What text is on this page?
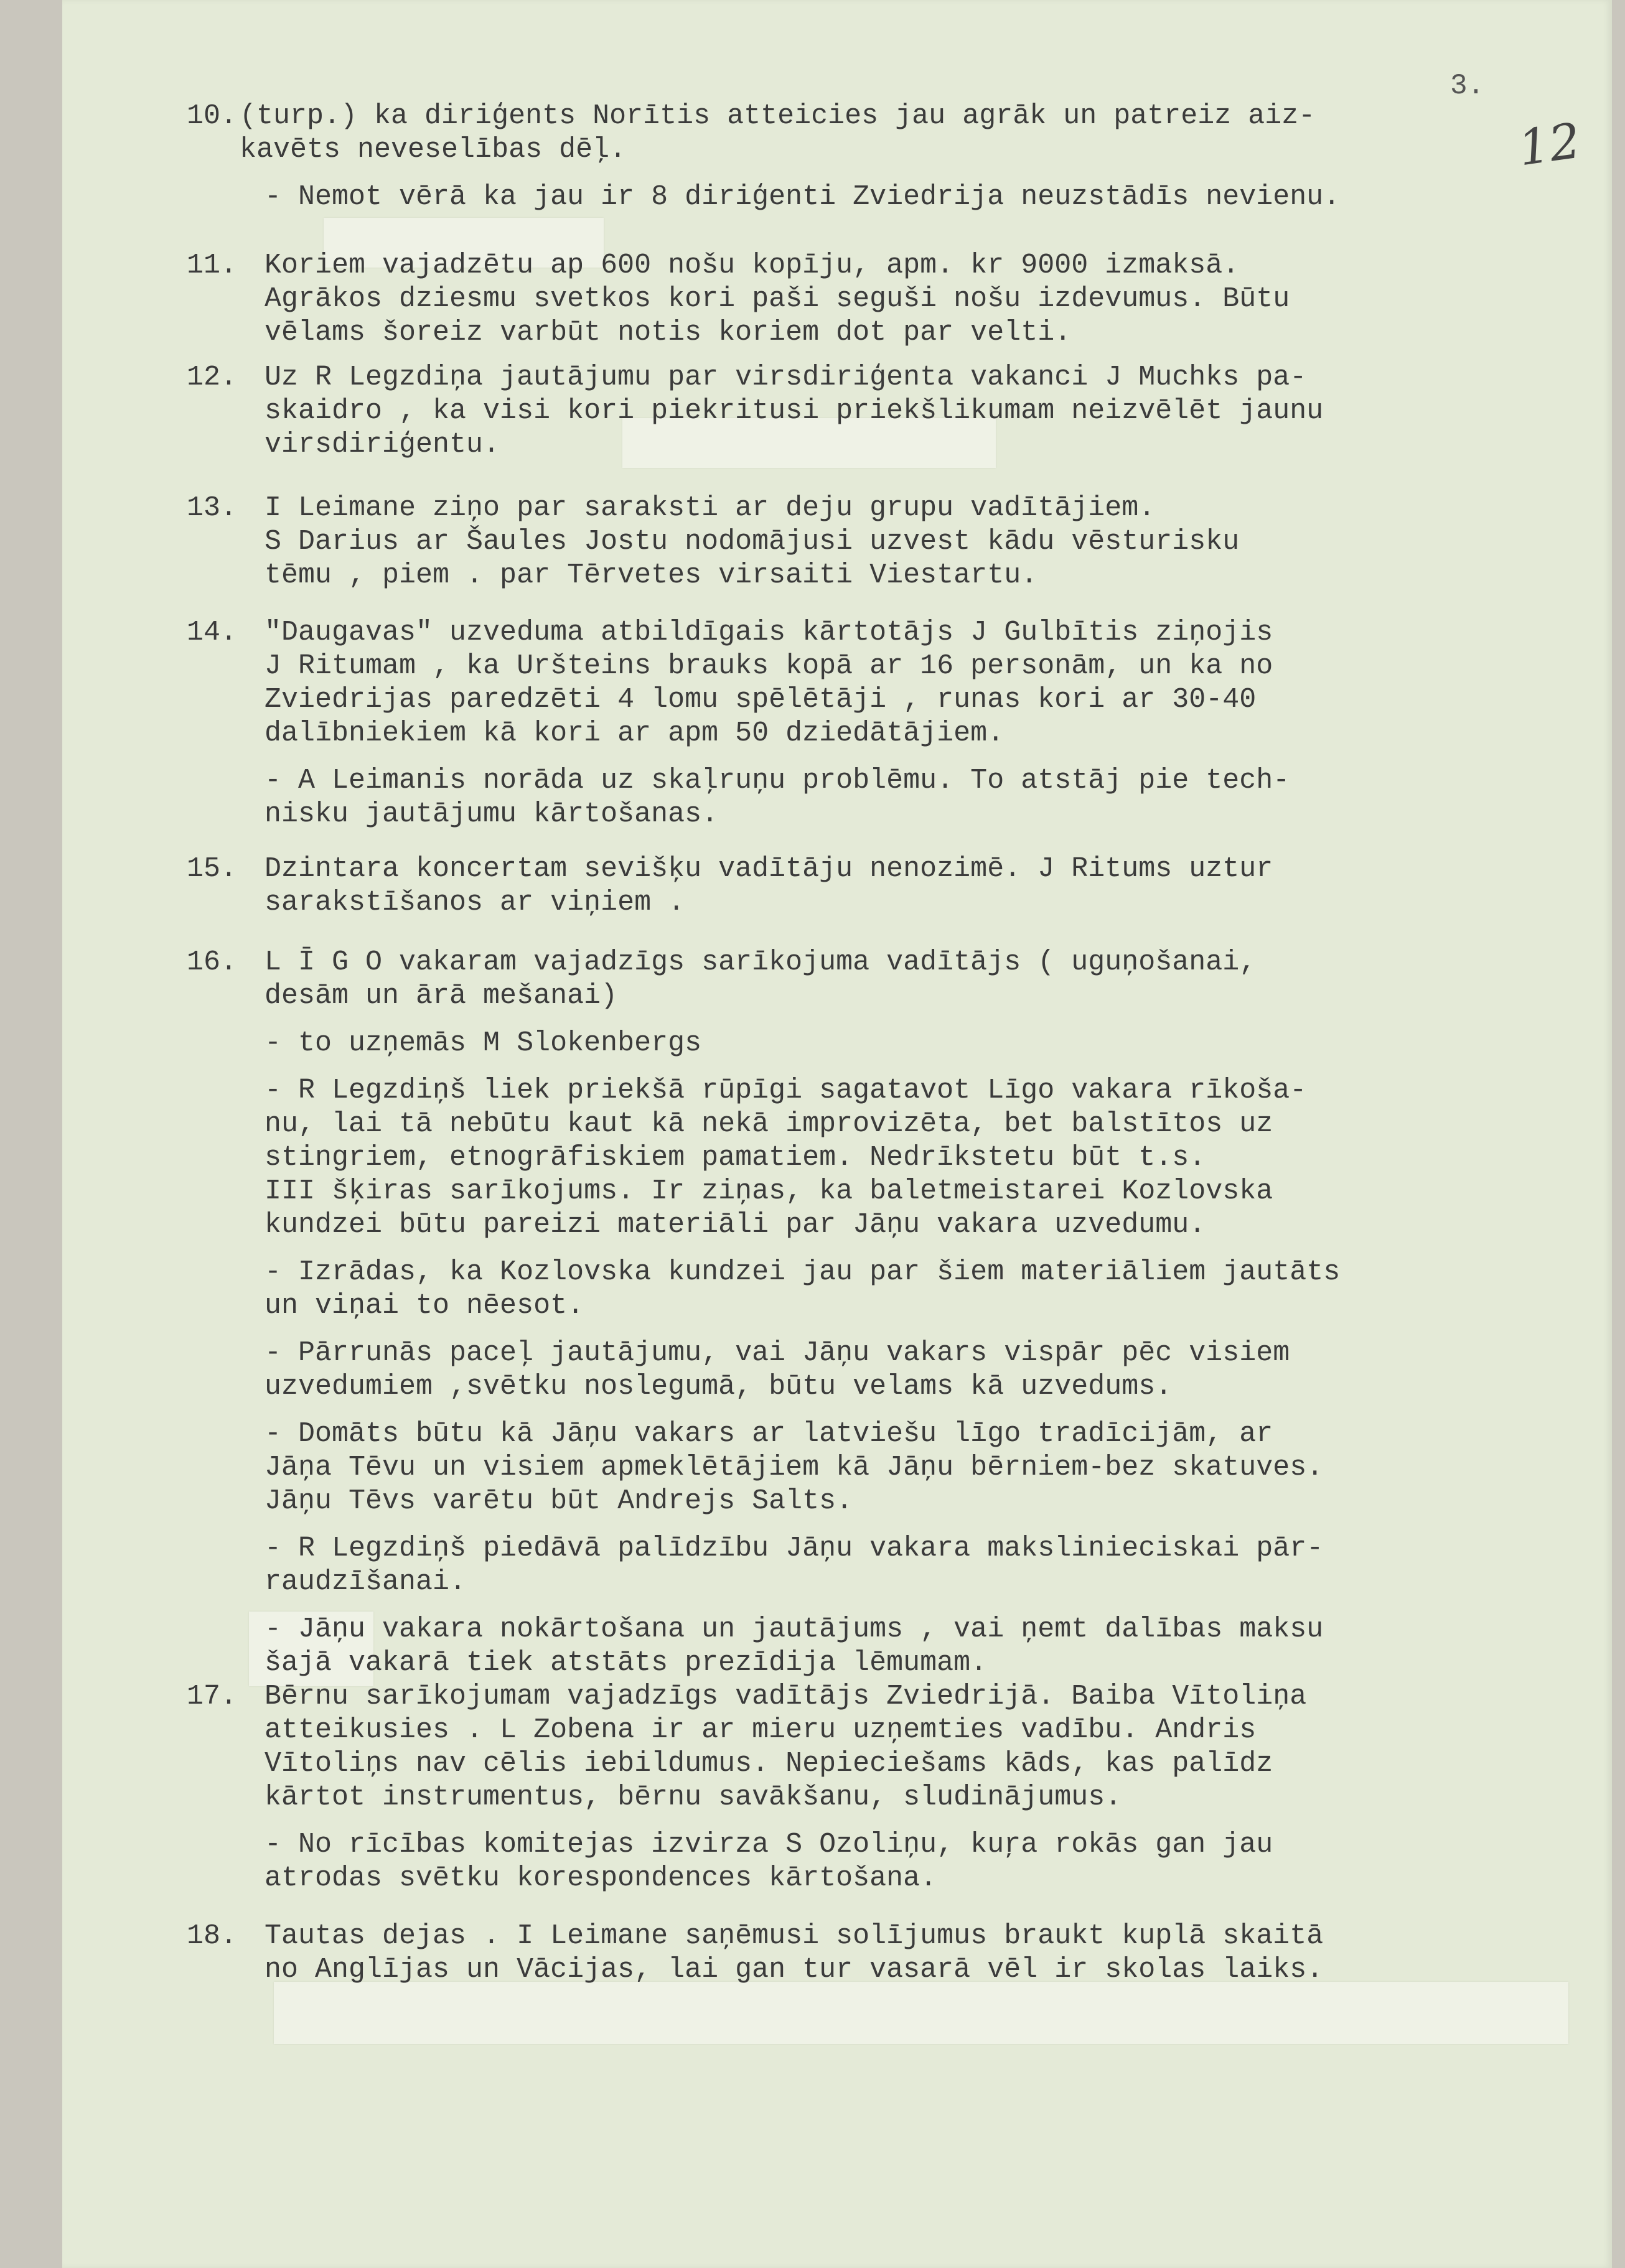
3.
12
10. (turp.) ka diriģents Norītis atteicies jau agrāk un patreiz aiz-
kavēts neveselības dēļ.
- Nemot vērā ka jau ir 8 diriģenti Zviedrija neuzstādīs nevienu.
11. Koriem vajadzētu ap 600 nošu kopīju, apm. kr 9000 izmaksā.
Agrākos dziesmu svetkos kori paši seguši nošu izdevumus. Būtu
vēlams šoreiz varbūt notis koriem dot par velti.
12. Uz R Legzdiņa jautājumu par virsdiriģenta vakanci J Muchks pa-
skaidro , ka visi kori piekritusi priekšlikumam neizvēlēt jaunu
virsdiriģentu.
13. I Leimane ziņo par saraksti ar deju grupu vadītājiem.
S Darius ar Šaules Jostu nodomājusi uzvest kādu vēsturisku
tēmu , piem . par Tērvetes virsaiti Viestartu.
14. "Daugavas" uzveduma atbildīgais kārtotājs J Gulbītis ziņojis
J Ritumam , ka Uršteins brauks kopā ar 16 personām, un ka no
Zviedrijas paredzēti 4 lomu spēlētāji , runas kori ar 30-40
dalībniekiem kā kori ar apm 50 dziedātājiem.
- A Leimanis norāda uz skaļruņu problēmu. To atstāj pie tech-
nisku jautājumu kārtošanas.
15. Dzintara koncertam sevišķu vadītāju nenozimē. J Ritums uztur
sarakstīšanos ar viņiem .
16. L Ī G O vakaram vajadzīgs sarīkojuma vadītājs ( uguņošanai,
desām un ārā mešanai)
- to uzņemās M Slokenbergs
- R Legzdiņš liek priekšā rūpīgi sagatavot Līgo vakara rīkoša-
nu, lai tā nebūtu kaut kā nekā improvizēta, bet balstītos uz
stingriem, etnogrāfiskiem pamatiem. Nedrīkstetu būt t.s.
III šķiras sarīkojums. Ir ziņas, ka baletmeistarei Kozlovska
kundzei būtu pareizi materiāli par Jāņu vakara uzvedumu.
- Izrādas, ka Kozlovska kundzei jau par šiem materiāliem jautāts
un viņai to nēesot.
- Pārrunās paceļ jautājumu, vai Jāņu vakars vispār pēc visiem
uzvedumiem ,svētku noslegumā, būtu velams kā uzvedums.
- Domāts būtu kā Jāņu vakars ar latviešu līgo tradīcijām, ar
Jāņa Tēvu un visiem apmeklētājiem kā Jāņu bērniem-bez skatuves.
Jāņu Tēvs varētu būt Andrejs Salts.
- R Legzdiņš piedāvā palīdzību Jāņu vakara makslinieciskai pār-
raudzīšanai.
- Jāņu vakara nokārtošana un jautājums , vai ņemt dalības maksu
šajā vakarā tiek atstāts prezīdija lēmumam.
17. Bērnu sarīkojumam vajadzīgs vadītājs Zviedrijā. Baiba Vītoliņa
atteikusies . L Zobena ir ar mieru uzņemties vadību. Andris
Vītoliņs nav cēlis iebildumus. Nepieciešams kāds, kas palīdz
kārtot instrumentus, bērnu savākšanu, sludinājumus.
- No rīcības komitejas izvirza S Ozoliņu, kuŗa rokās gan jau
atrodas svētku korespondences kārtošana.
18. Tautas dejas . I Leimane saņēmusi solījumus braukt kuplā skaitā
no Anglījas un Vācijas, lai gan tur vasarā vēl ir skolas laiks.
